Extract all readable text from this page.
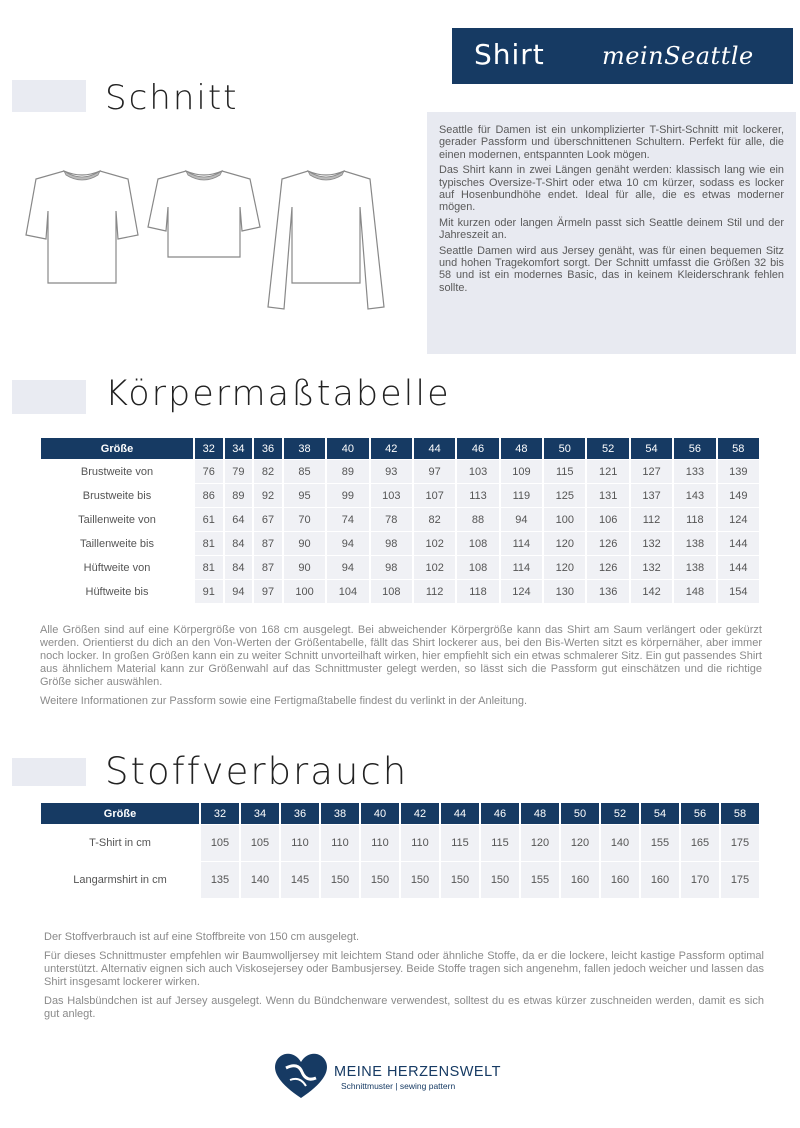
Shirt meinSeattle
Schnitt

Seattle für Damen ist ein unkomplizierter T-Shirt-Schnitt mit lockerer, gerader Passform und überschnittenen Schultern. Perfekt für alle, die einen modernen, entspannten Look mögen.

Das Shirt kann in zwei Längen genäht werden: klassisch lang wie ein typisches Oversize-T-Shirt oder etwa 10 cm kürzer, sodass es locker auf Hosenbundhöhe endet. Ideal für alle, die es etwas moderner mögen.

Mit kurzen oder langen Ärmeln passt sich Seattle deinem Stil und der Jahreszeit an.

Seattle Damen wird aus Jersey genäht, was für einen bequemen Sitz und hohen Tragekomfort sorgt. Der Schnitt umfasst die Größen 32 bis 58 und ist ein modernes Basic, das in keinem Kleiderschrank fehlen sollte.

Körpermaßtabelle
Größe	32	34	36	38	40	42	44	46	48	50	52	54	56	58
Brustweite von	76	79	82	85	89	93	97	103	109	115	121	127	133	139
Brustweite bis	86	89	92	95	99	103	107	113	119	125	131	137	143	149
Taillenweite von	61	64	67	70	74	78	82	88	94	100	106	112	118	124
Taillenweite bis	81	84	87	90	94	98	102	108	114	120	126	132	138	144
Hüftweite von	81	84	87	90	94	98	102	108	114	120	126	132	138	144
Hüftweite bis	91	94	97	100	104	108	112	118	124	130	136	142	148	154

Alle Größen sind auf eine Körpergröße von 168 cm ausgelegt. Bei abweichender Körpergröße kann das Shirt am Saum verlängert oder gekürzt werden. Orientierst du dich an den Von-Werten der Größentabelle, fällt das Shirt lockerer aus, bei den Bis-Werten sitzt es körpernäher, aber immer noch locker. In großen Größen kann ein zu weiter Schnitt unvorteilhaft wirken, hier empfiehlt sich ein etwas schmalerer Sitz. Ein gut passendes Shirt aus ähnlichem Material kann zur Größenwahl auf das Schnittmuster gelegt werden, so lässt sich die Passform gut einschätzen und die richtige Größe sicher auswählen.

Weitere Informationen zur Passform sowie eine Fertigmaßtabelle findest du verlinkt in der Anleitung.

Stoffverbrauch
Größe	32	34	36	38	40	42	44	46	48	50	52	54	56	58
T-Shirt in cm	105	105	110	110	110	110	115	115	120	120	140	155	165	175
Langarmshirt in cm	135	140	145	150	150	150	150	150	155	160	160	160	170	175

Der Stoffverbrauch ist auf eine Stoffbreite von 150 cm ausgelegt.

Für dieses Schnittmuster empfehlen wir Baumwolljersey mit leichtem Stand oder ähnliche Stoffe, da er die lockere, leicht kastige Passform optimal unterstützt. Alternativ eignen sich auch Viskosejersey oder Bambusjersey. Beide Stoffe tragen sich angenehm, fallen jedoch weicher und lassen das Shirt insgesamt lockerer wirken.

Das Halsbündchen ist auf Jersey ausgelegt. Wenn du Bündchenware verwendest, solltest du es etwas kürzer zuschneiden werden, damit es sich gut anlegt.

MEINE HERZENSWELT
Schnittmuster | sewing pattern
